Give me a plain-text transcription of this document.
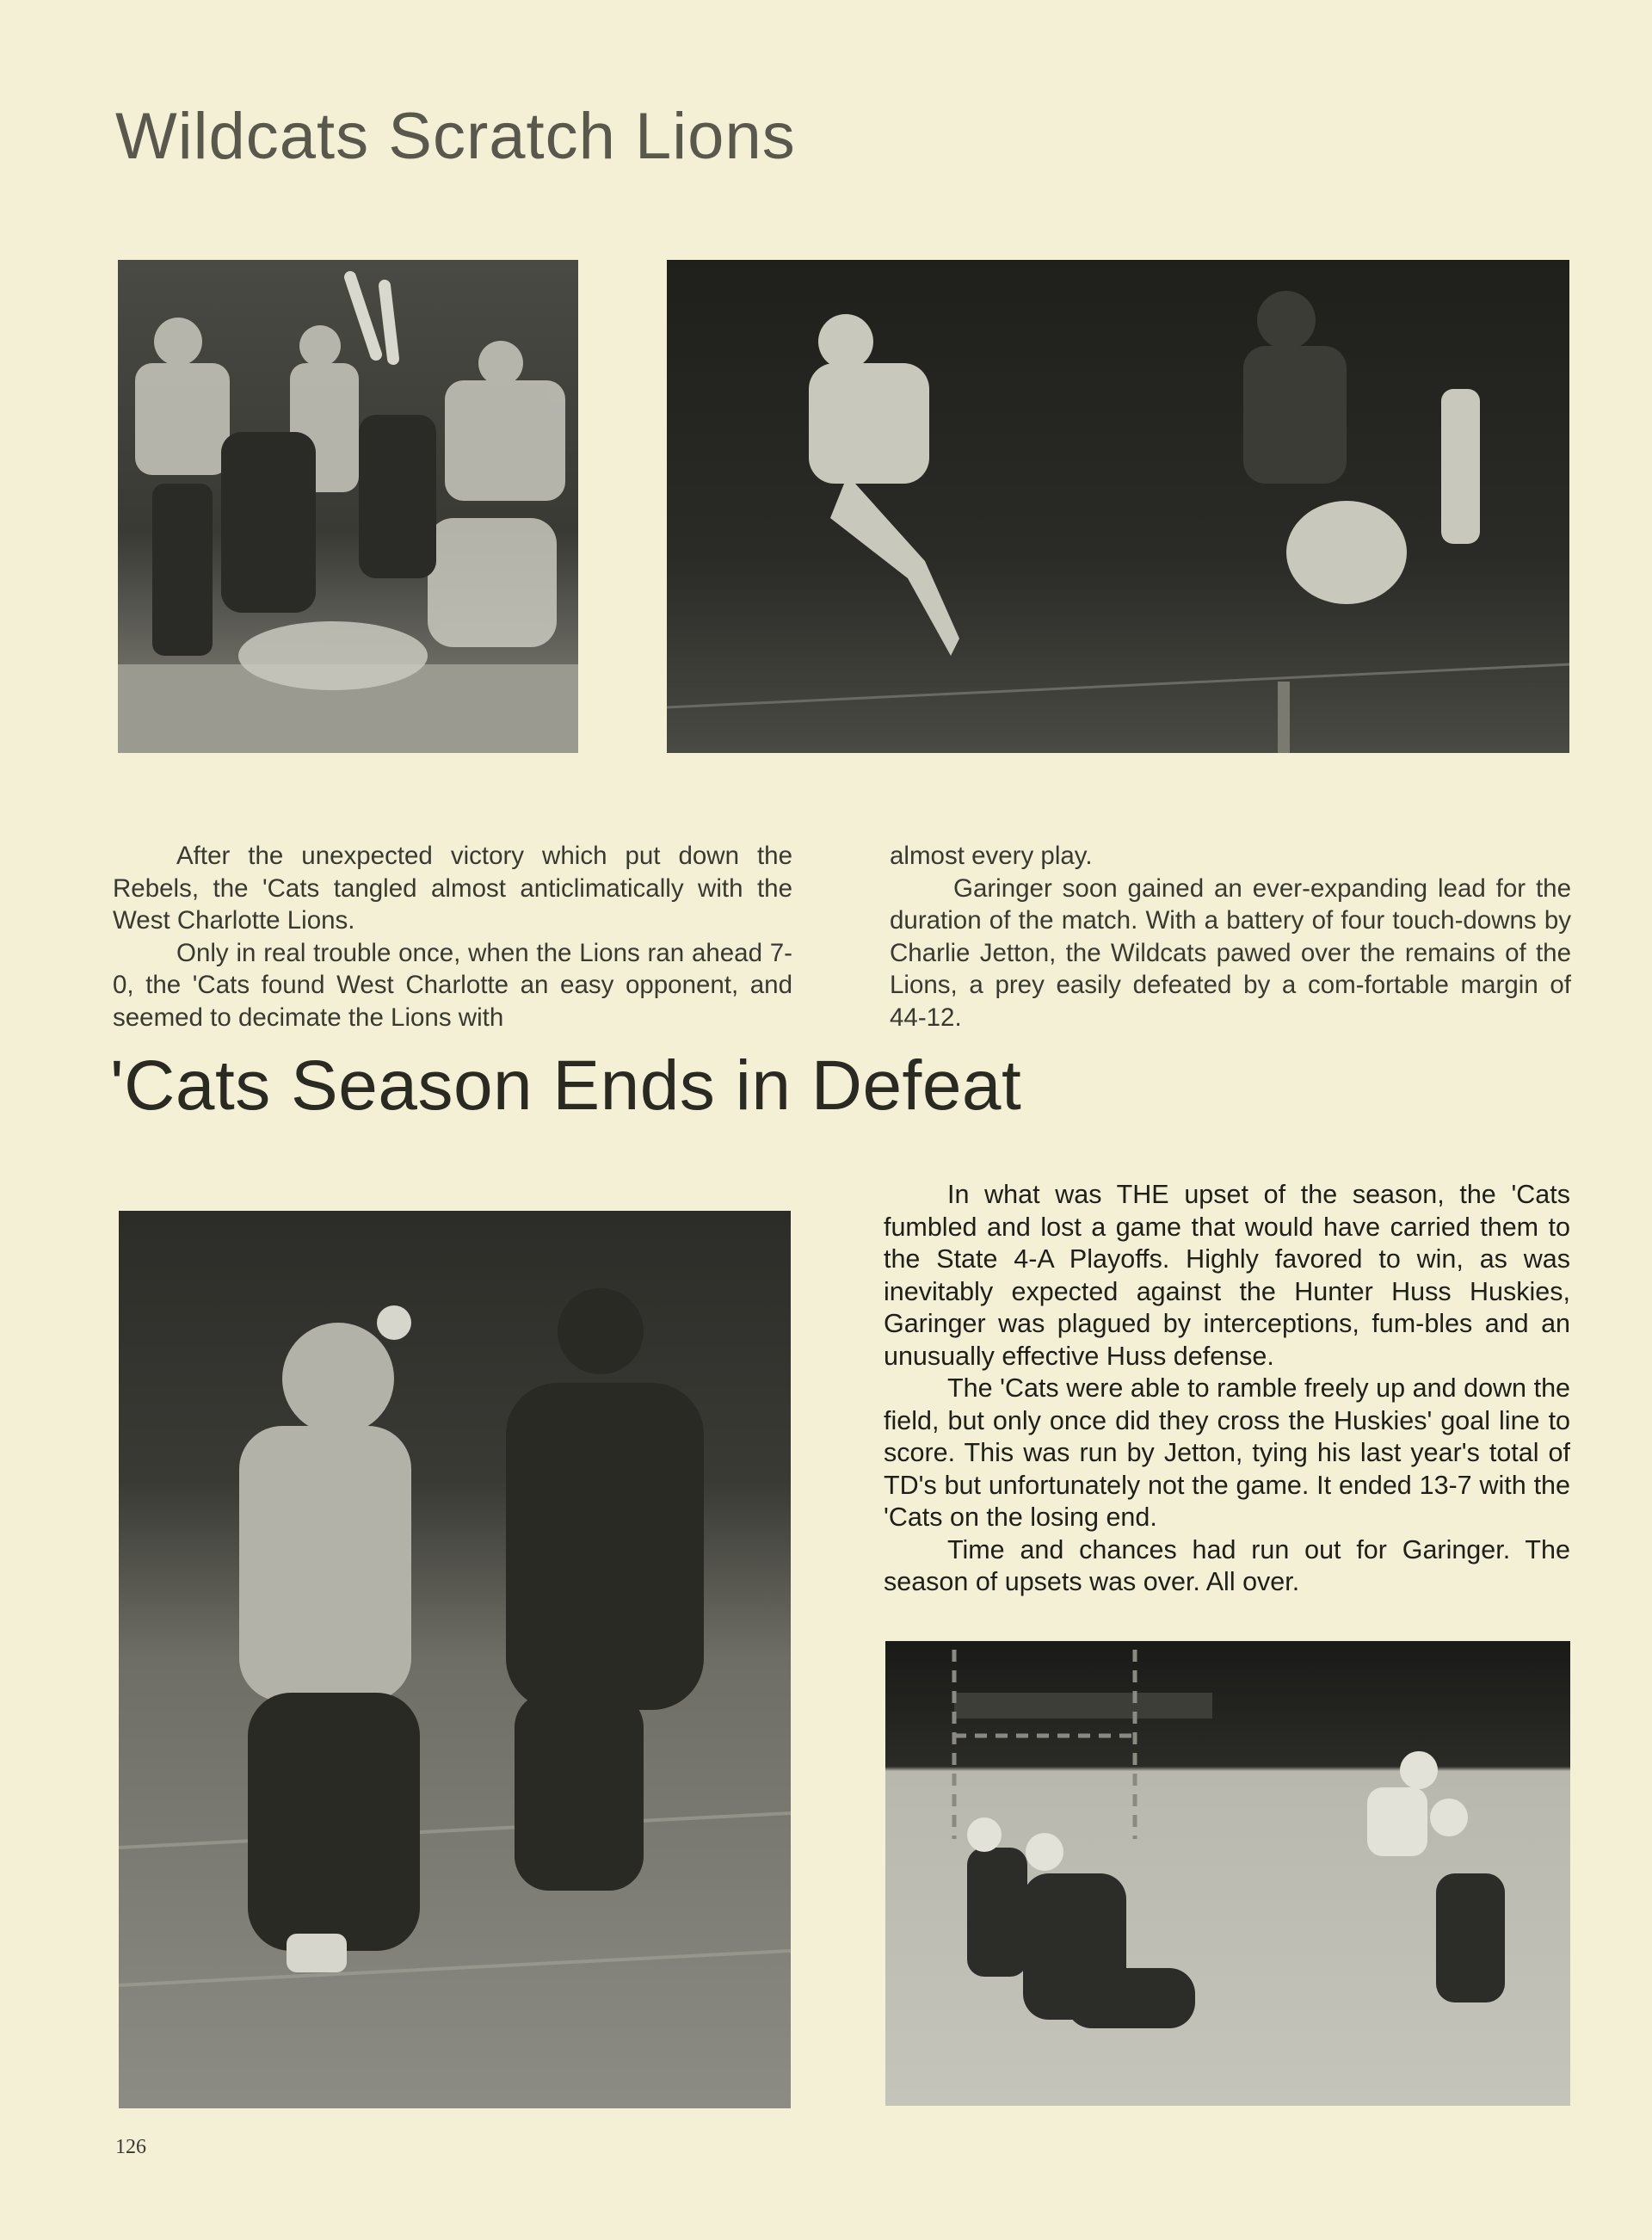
Wildcats Scratch Lions

After the unexpected victory which put down the Rebels, the 'Cats tangled almost anticlimatically with the West Charlotte Lions.

Only in real trouble once, when the Lions ran ahead 7-0, the 'Cats found West Charlotte an easy opponent, and seemed to decimate the Lions with

almost every play.

Garinger soon gained an ever-expanding lead for the duration of the match. With a battery of four touch-downs by Charlie Jetton, the Wildcats pawed over the remains of the Lions, a prey easily defeated by a com-fortable margin of 44-12.

'Cats Season Ends in Defeat

In what was THE upset of the season, the 'Cats fumbled and lost a game that would have carried them to the State 4-A Playoffs. Highly favored to win, as was inevitably expected against the Hunter Huss Huskies, Garinger was plagued by interceptions, fum-bles and an unusually effective Huss defense.

The 'Cats were able to ramble freely up and down the field, but only once did they cross the Huskies' goal line to score. This was run by Jetton, tying his last year's total of TD's but unfortunately not the game. It ended 13-7 with the 'Cats on the losing end.

Time and chances had run out for Garinger. The season of upsets was over. All over.

126
